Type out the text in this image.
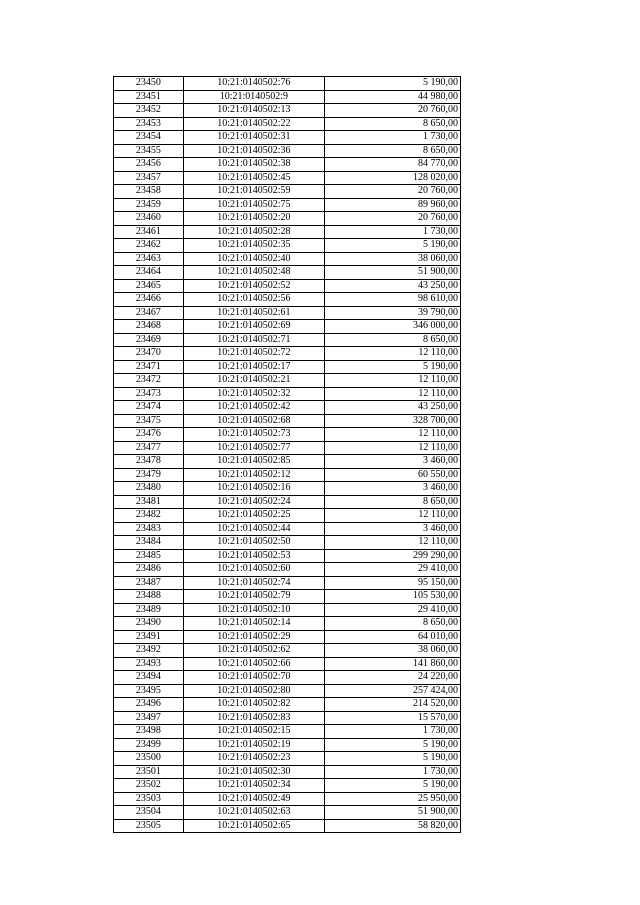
23450	10:21:0140502:76	5 190,00
23451	10:21:0140502:9	44 980,00
23452	10:21:0140502:13	20 760,00
23453	10:21:0140502:22	8 650,00
23454	10:21:0140502:31	1 730,00
23455	10:21:0140502:36	8 650,00
23456	10:21:0140502:38	84 770,00
23457	10:21:0140502:45	128 020,00
23458	10:21:0140502:59	20 760,00
23459	10:21:0140502:75	89 960,00
23460	10:21:0140502:20	20 760,00
23461	10:21:0140502:28	1 730,00
23462	10:21:0140502:35	5 190,00
23463	10:21:0140502:40	38 060,00
23464	10:21:0140502:48	51 900,00
23465	10:21:0140502:52	43 250,00
23466	10:21:0140502:56	98 610,00
23467	10:21:0140502:61	39 790,00
23468	10:21:0140502:69	346 000,00
23469	10:21:0140502:71	8 650,00
23470	10:21:0140502:72	12 110,00
23471	10:21:0140502:17	5 190,00
23472	10:21:0140502:21	12 110,00
23473	10:21:0140502:32	12 110,00
23474	10:21:0140502:42	43 250,00
23475	10:21:0140502:68	328 700,00
23476	10:21:0140502:73	12 110,00
23477	10:21:0140502:77	12 110,00
23478	10:21:0140502:85	3 460,00
23479	10:21:0140502:12	60 550,00
23480	10:21:0140502:16	3 460,00
23481	10:21:0140502:24	8 650,00
23482	10:21:0140502:25	12 110,00
23483	10:21:0140502:44	3 460,00
23484	10:21:0140502:50	12 110,00
23485	10:21:0140502:53	299 290,00
23486	10:21:0140502:60	29 410,00
23487	10:21:0140502:74	95 150,00
23488	10:21:0140502:79	105 530,00
23489	10:21:0140502:10	29 410,00
23490	10:21:0140502:14	8 650,00
23491	10:21:0140502:29	64 010,00
23492	10:21:0140502:62	38 060,00
23493	10:21:0140502:66	141 860,00
23494	10:21:0140502:70	24 220,00
23495	10:21:0140502:80	257 424,00
23496	10:21:0140502:82	214 520,00
23497	10:21:0140502:83	15 570,00
23498	10:21:0140502:15	1 730,00
23499	10:21:0140502:19	5 190,00
23500	10:21:0140502:23	5 190,00
23501	10:21:0140502:30	1 730,00
23502	10:21:0140502:34	5 190,00
23503	10:21:0140502:49	25 950,00
23504	10:21:0140502:63	51 900,00
23505	10:21:0140502:65	58 820,00
